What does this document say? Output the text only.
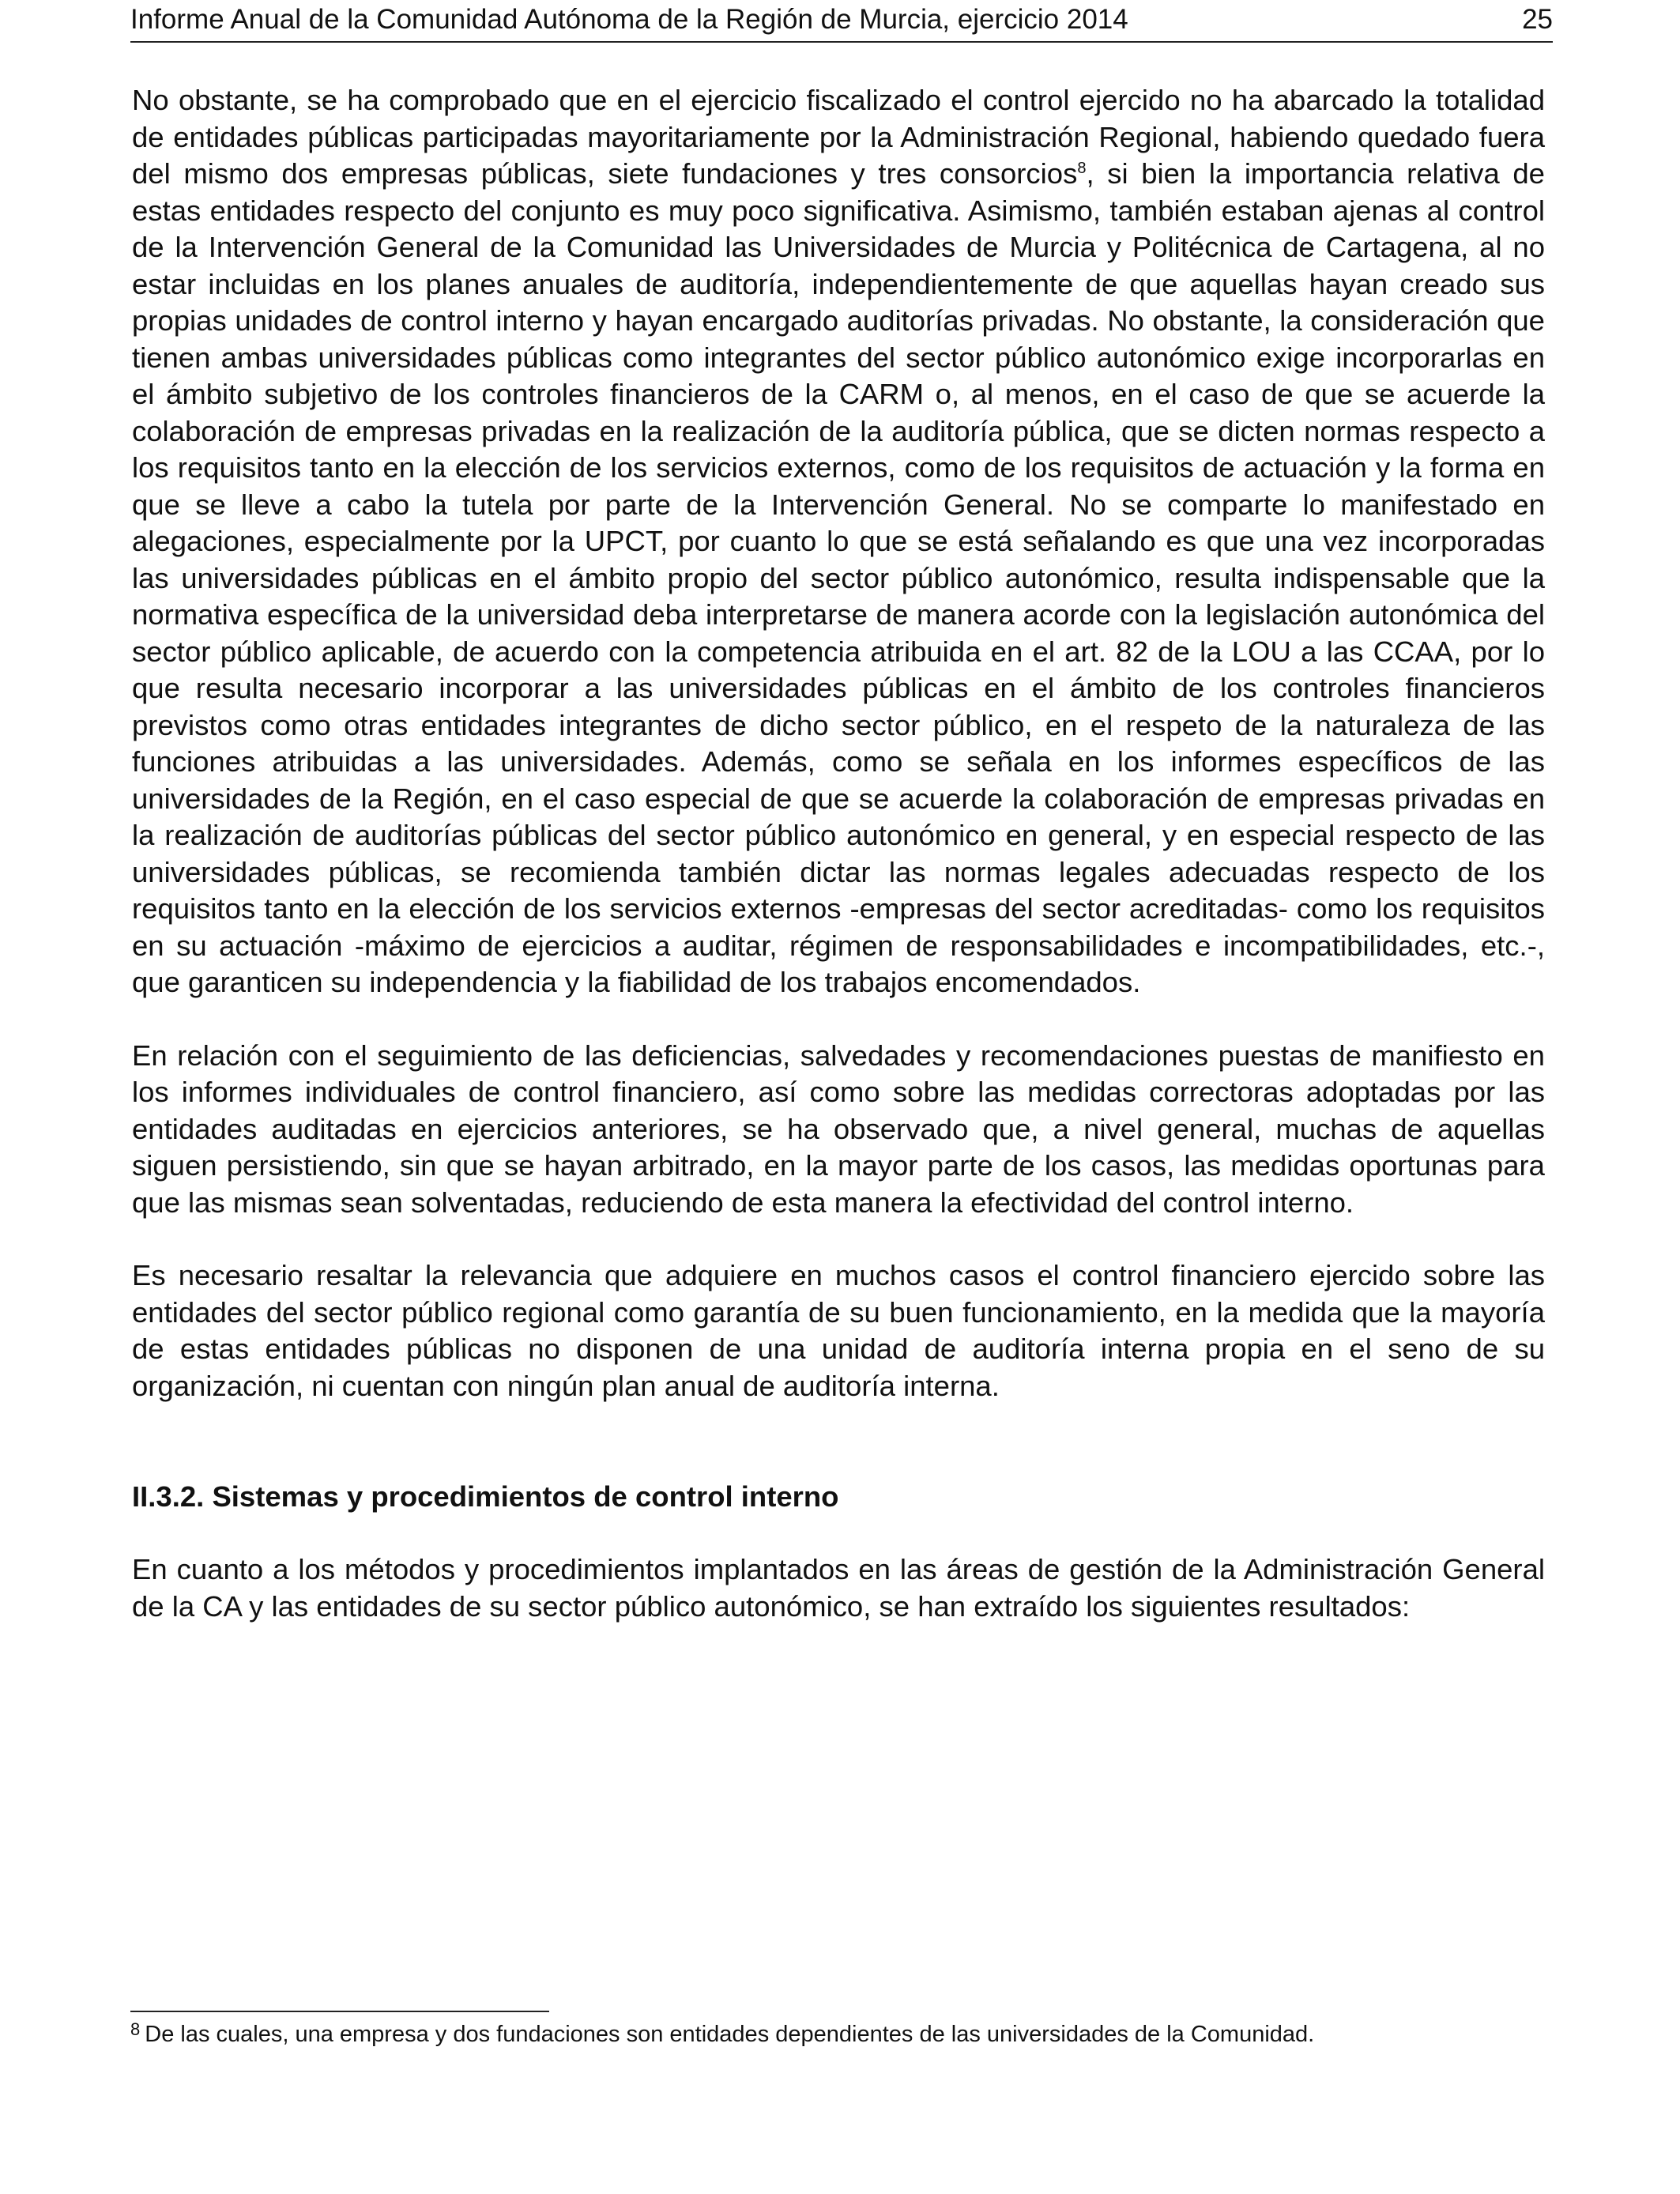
Informe Anual de la Comunidad Autónoma de la Región de Murcia, ejercicio 2014	25

No obstante, se ha comprobado que en el ejercicio fiscalizado el control ejercido no ha abarcado la totalidad de entidades públicas participadas mayoritariamente por la Administración Regional, habiendo quedado fuera del mismo dos empresas públicas, siete fundaciones y tres consorcios$^8$, si bien la importancia relativa de estas entidades respecto del conjunto es muy poco significativa. Asimismo, también estaban ajenas al control de la Intervención General de la Comunidad las Universidades de Murcia y Politécnica de Cartagena, al no estar incluidas en los planes anuales de auditoría, independientemente de que aquellas hayan creado sus propias unidades de control interno y hayan encargado auditorías privadas. No obstante, la consideración que tienen ambas universidades públicas como integrantes del sector público autonómico exige incorporarlas en el ámbito subjetivo de los controles financieros de la CARM o, al menos, en el caso de que se acuerde la colaboración de empresas privadas en la realización de la auditoría pública, que se dicten normas respecto a los requisitos tanto en la elección de los servicios externos, como de los requisitos de actuación y la forma en que se lleve a cabo la tutela por parte de la Intervención General. No se comparte lo manifestado en alegaciones, especialmente por la UPCT, por cuanto lo que se está señalando es que una vez incorporadas las universidades públicas en el ámbito propio del sector público autonómico, resulta indispensable que la normativa específica de la universidad deba interpretarse de manera acorde con la legislación autonómica del sector público aplicable, de acuerdo con la competencia atribuida en el art. 82 de la LOU a las CCAA, por lo que resulta necesario incorporar a las universidades públicas en el ámbito de los controles financieros previstos como otras entidades integrantes de dicho sector público, en el respeto de la naturaleza de las funciones atribuidas a las universidades. Además, como se señala en los informes específicos de las universidades de la Región, en el caso especial de que se acuerde la colaboración de empresas privadas en la realización de auditorías públicas del sector público autonómico en general, y en especial respecto de las universidades públicas, se recomienda también dictar las normas legales adecuadas respecto de los requisitos tanto en la elección de los servicios externos -empresas del sector acreditadas- como los requisitos en su actuación -máximo de ejercicios a auditar, régimen de responsabilidades e incompatibilidades, etc.-, que garanticen su independencia y la fiabilidad de los trabajos encomendados.

En relación con el seguimiento de las deficiencias, salvedades y recomendaciones puestas de manifiesto en los informes individuales de control financiero, así como sobre las medidas correctoras adoptadas por las entidades auditadas en ejercicios anteriores, se ha observado que, a nivel general, muchas de aquellas siguen persistiendo, sin que se hayan arbitrado, en la mayor parte de los casos, las medidas oportunas para que las mismas sean solventadas, reduciendo de esta manera la efectividad del control interno.

Es necesario resaltar la relevancia que adquiere en muchos casos el control financiero ejercido sobre las entidades del sector público regional como garantía de su buen funcionamiento, en la medida que la mayoría de estas entidades públicas no disponen de una unidad de auditoría interna propia en el seno de su organización, ni cuentan con ningún plan anual de auditoría interna.

II.3.2. Sistemas y procedimientos de control interno

En cuanto a los métodos y procedimientos implantados en las áreas de gestión de la Administración General de la CA y las entidades de su sector público autonómico, se han extraído los siguientes resultados:

$^8$ De las cuales, una empresa y dos fundaciones son entidades dependientes de las universidades de la Comunidad.
